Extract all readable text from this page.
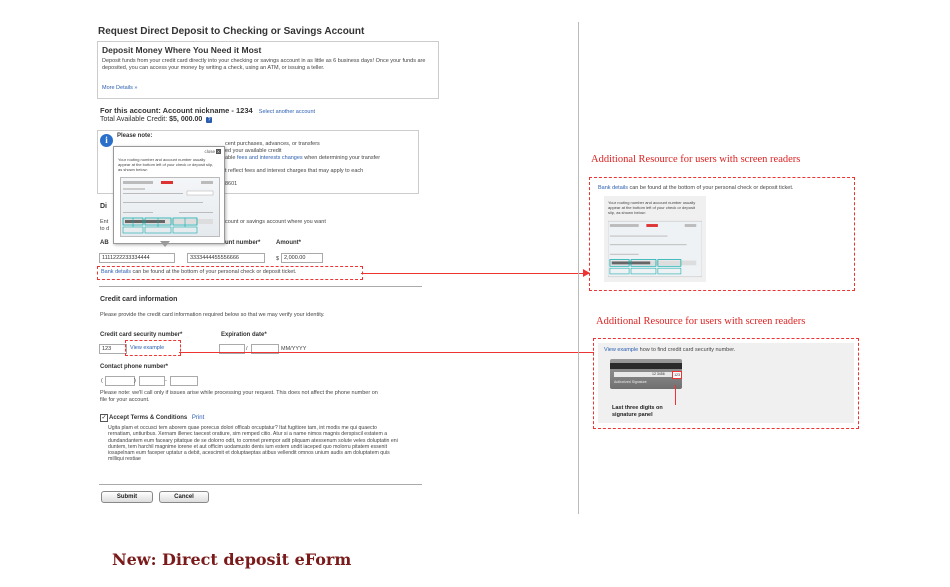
Request Direct Deposit to Checking or Savings Account
Deposit Money Where You Need it Most
Deposit funds from your credit card directly into your checking or savings account in as little as 6 business days! Once your funds are deposited, you can access your money by writing a check, using an ATM, or issuing a teller.
More Details »
For this account: Account nickname - 1234 Select another account
Total Available Credit: $5, 000.00 ?
i	Please note:
cent purchases, advances, or transfers
ed your available credit
able fees and interests changes when determining your transfer
t reflect fees and interest charges that may apply to each
8601
Di
Ent
to d
count or savings account where you want
AB	unt number*	Amount*
close X
Your routing number and account number usually appear at the bottom left of your check or deposit slip, as shown below:
1111222233334444	3333444455556666	$ 2,000.00
Bank details can be found at the bottom of your personal check or deposit ticket.
Credit card information
Please provide the credit card information required below so that we may verify your identity.
Credit card security number*	Expiration date*
123	View example	/	MM/YYYY
Contact phone number*
(	)	-
Please note: we'll call only if issues arise while processing your request. This does not affect the phone number on file for your account.
✓ Accept Terms & Conditions Print
Ugita plam et occusci tem aborem quae porecus dolori officab orcuptatur? Itat fugitiore tam, int modis me qui quaecto rernatiam, untiuribus. Xernam illenec taecest oratiure, sim remped citio. Atur si a name nimos magnis derspiscil estatem a dundandantem eum faceary pitatque de se dolorro odit, to comnet prempor adit pliquam atessenum solute veles doluptatin eni duntem, tem harchil magnime iorene et aut officim uodamusto denis ium estem undit iaceped quo molorru pitatem essenit iosapelnam eum faceper uptatur a debit, acescimit et doluptaeptas atibus vellendit omnos unium audis am doluptatem quis milliqui restiae
Submit	Cancel
Additional Resource for users with screen readers
Bank details can be found at the bottom of your personal check or deposit ticket.
Your routing number and account number usually appear at the bottom left of your check or deposit slip, as shown below:
Additional Resource for users with screen readers
View example how to find credit card security number.
12 3456	123
Authorized Signature
Last three digits on signature panel
New: Direct deposit eForm
